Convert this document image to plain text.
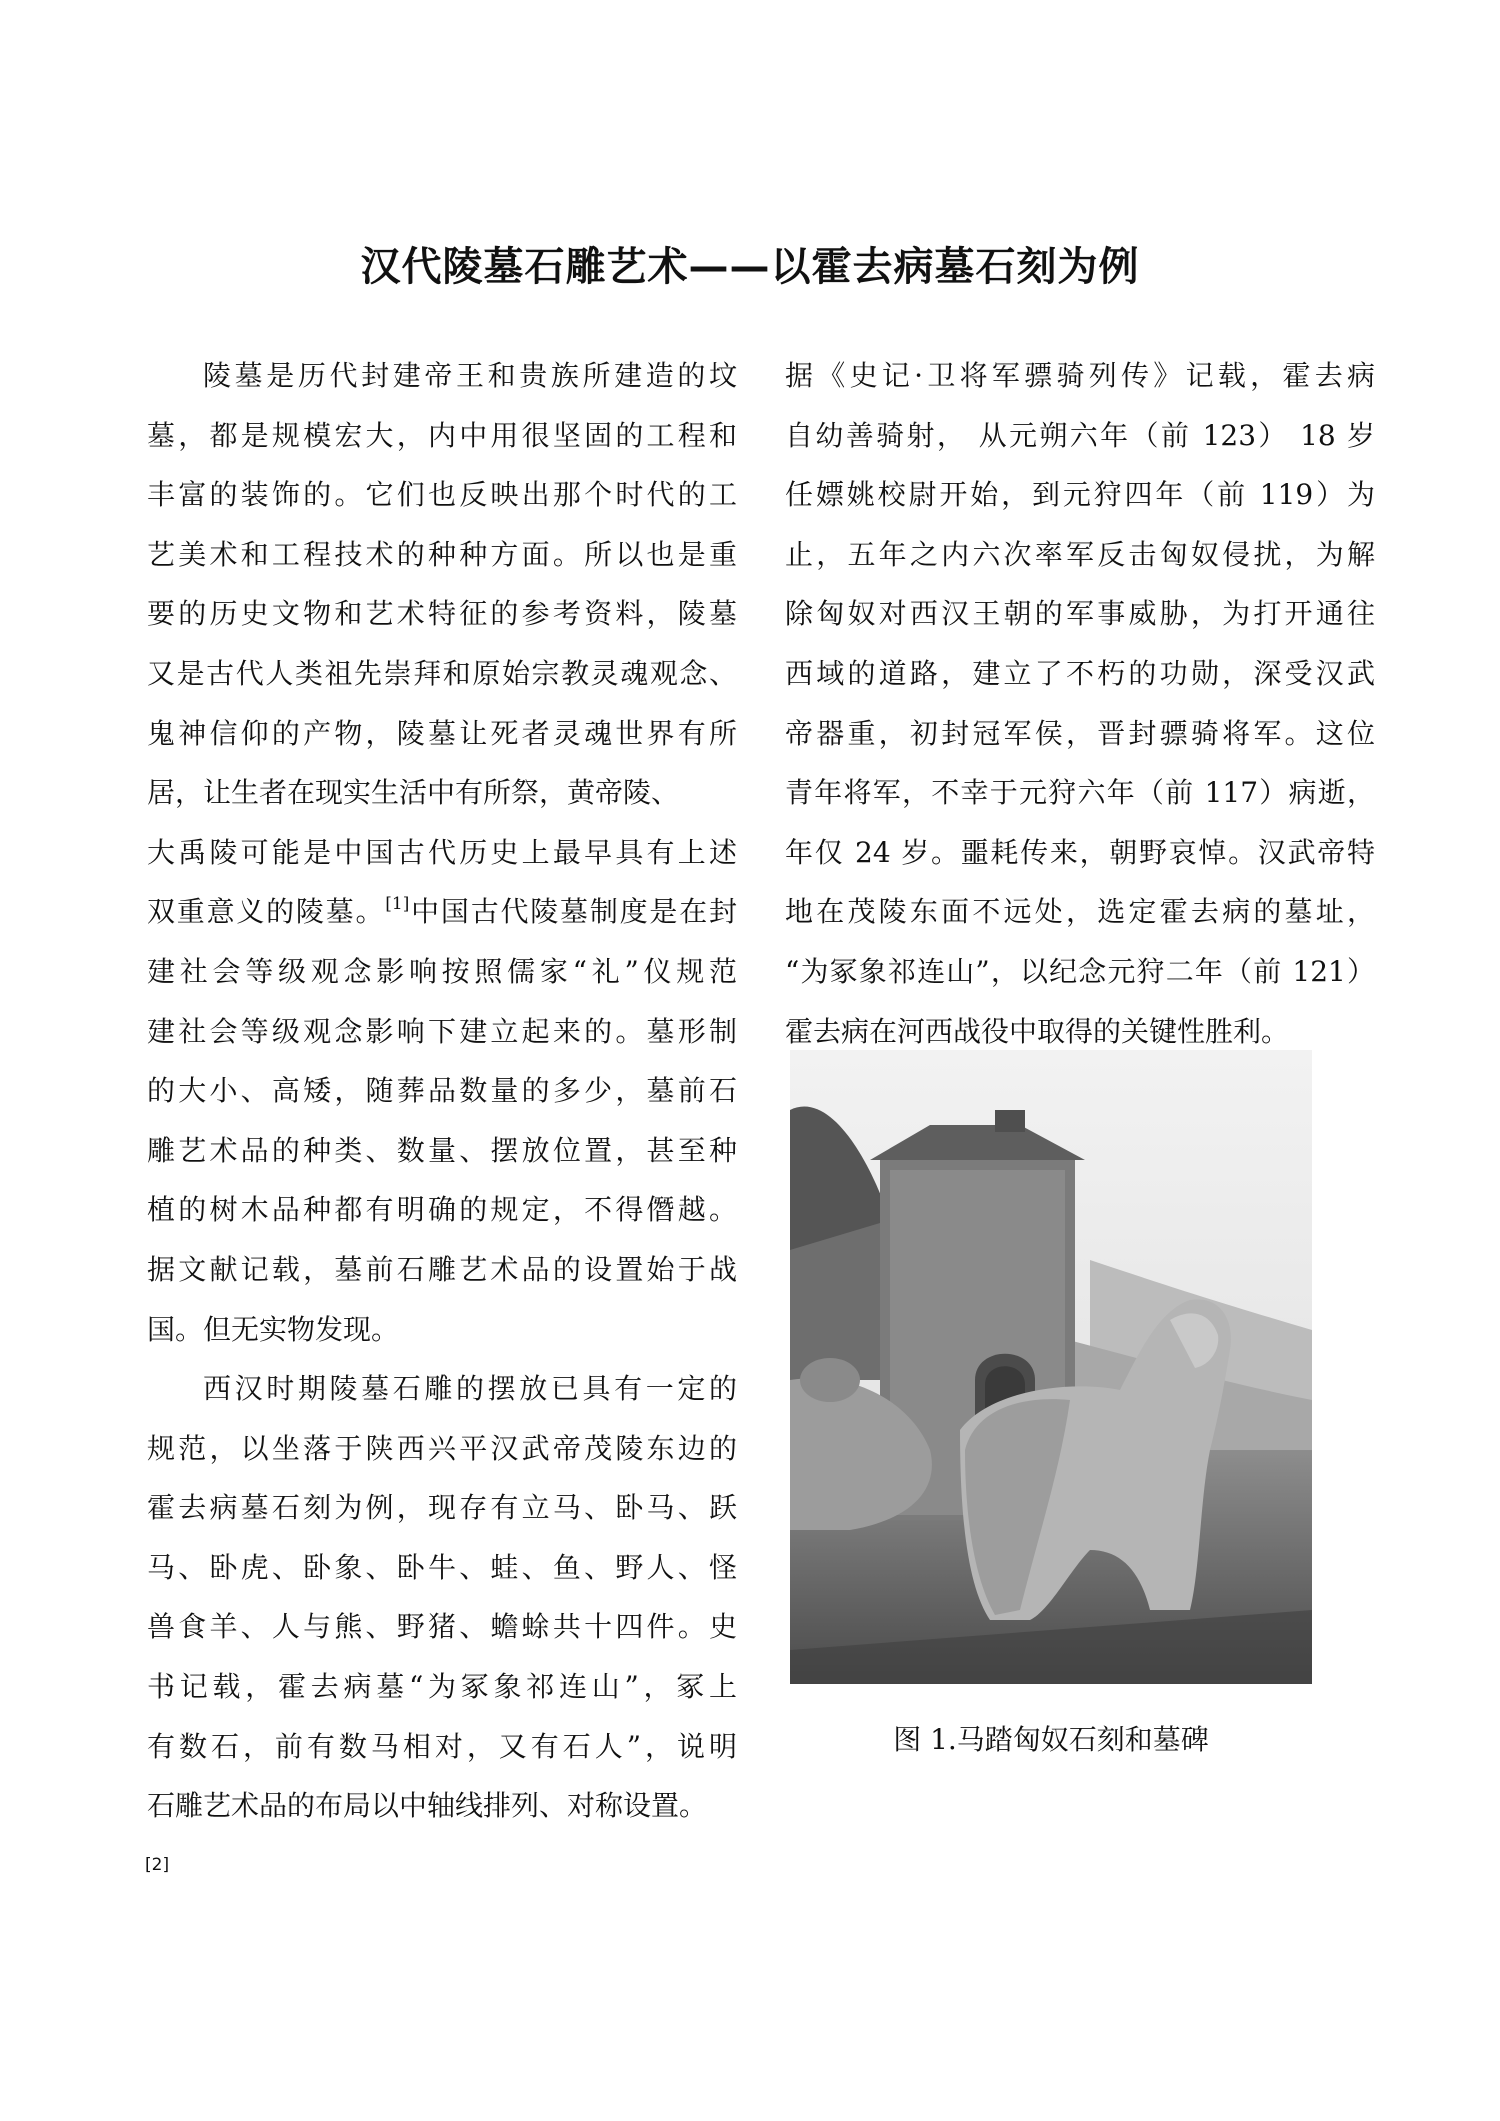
汉代陵墓石雕艺术——以霍去病墓石刻为例
陵墓是历代封建帝王和贵族所建造的坟
墓，都是规模宏大，内中用很坚固的工程和
丰富的装饰的。它们也反映出那个时代的工
艺美术和工程技术的种种方面。所以也是重
要的历史文物和艺术特征的参考资料，陵墓
又是古代人类祖先崇拜和原始宗教灵魂观念、
鬼神信仰的产物，陵墓让死者灵魂世界有所
居，让生者在现实生活中有所祭，黄帝陵、
大禹陵可能是中国古代历史上最早具有上述
双重意义的陵墓。[1]中国古代陵墓制度是在封
建社会等级观念影响按照儒家“礼”仪规范
建社会等级观念影响下建立起来的。墓形制
的大小、高矮，随葬品数量的多少，墓前石
雕艺术品的种类、数量、摆放位置，甚至种
植的树木品种都有明确的规定，不得僭越。
据文献记载，墓前石雕艺术品的设置始于战
国。但无实物发现。
西汉时期陵墓石雕的摆放已具有一定的
规范，以坐落于陕西兴平汉武帝茂陵东边的
霍去病墓石刻为例，现存有立马、卧马、跃
马、卧虎、卧象、卧牛、蛙、鱼、野人、怪
兽食羊、人与熊、野猪、蟾蜍共十四件。史
书记载，霍去病墓“为冢象祁连山”，冢上
有数石，前有数马相对，又有石人”，说明
石雕艺术品的布局以中轴线排列、对称设置。
据《史记·卫将军骠骑列传》记载，霍去病
自幼善骑射， 从元朔六年（前 123） 18 岁
任嫖姚校尉开始，到元狩四年（前 119）为
止，五年之内六次率军反击匈奴侵扰，为解
除匈奴对西汉王朝的军事威胁，为打开通往
西域的道路，建立了不朽的功勋，深受汉武
帝器重，初封冠军侯，晋封骠骑将军。这位
青年将军，不幸于元狩六年（前 117）病逝，
年仅 24 岁。噩耗传来，朝野哀悼。汉武帝特
地在茂陵东面不远处，选定霍去病的墓址，
“为冢象祁连山”，以纪念元狩二年（前 121）
霍去病在河西战役中取得的关键性胜利。
图 1.马踏匈奴石刻和墓碑
[2]
